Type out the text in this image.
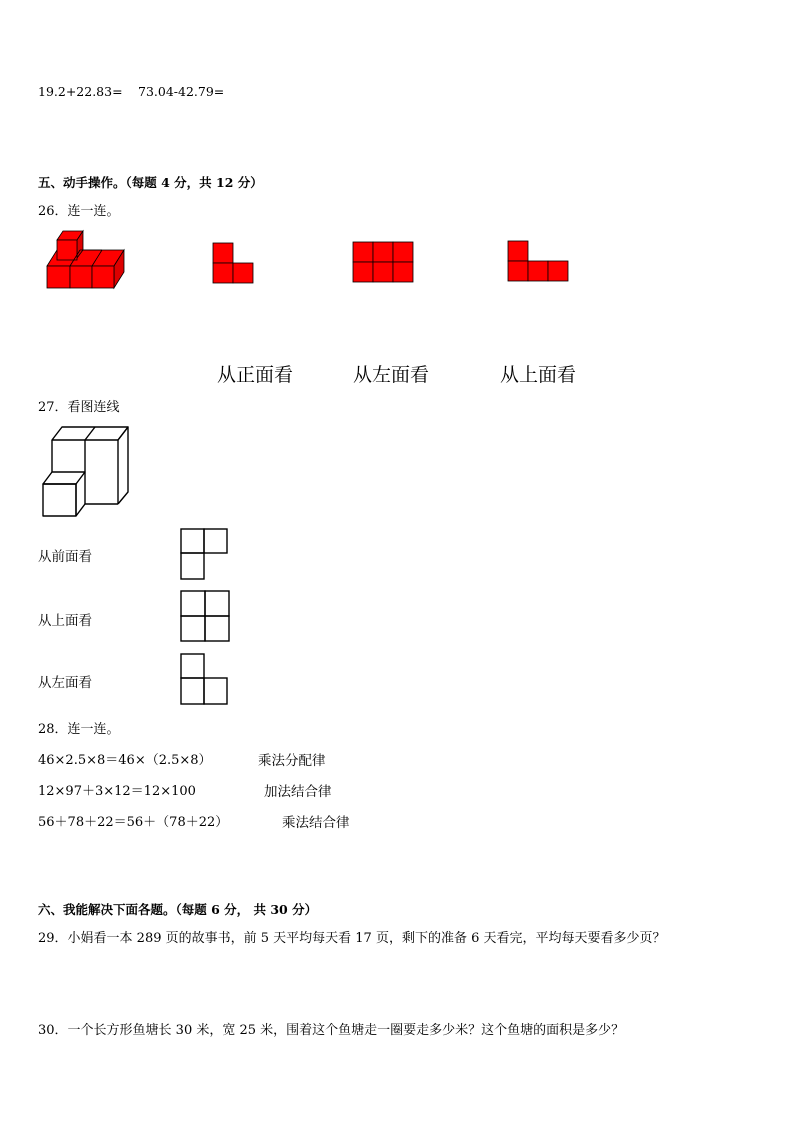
19.2+22.83= 73.04-42.79=
五、动手操作。（每题 4 分，共 12 分）
26．连一连。
从正面看	从左面看	从上面看
27．看图连线
从前面看
从上面看
从左面看
28．连一连。
46×2.5×8＝46×（2.5×8）	乘法分配律
12×97＋3×12＝12×100	加法结合律
56＋78＋22＝56＋（78＋22）	乘法结合律
六、我能解决下面各题。（每题 6 分， 共 30 分）
29．小娟看一本 289 页的故事书，前 5 天平均每天看 17 页，剩下的准备 6 天看完，平均每天要看多少页？
30．一个长方形鱼塘长 30 米，宽 25 米，围着这个鱼塘走一圈要走多少米？这个鱼塘的面积是多少？
